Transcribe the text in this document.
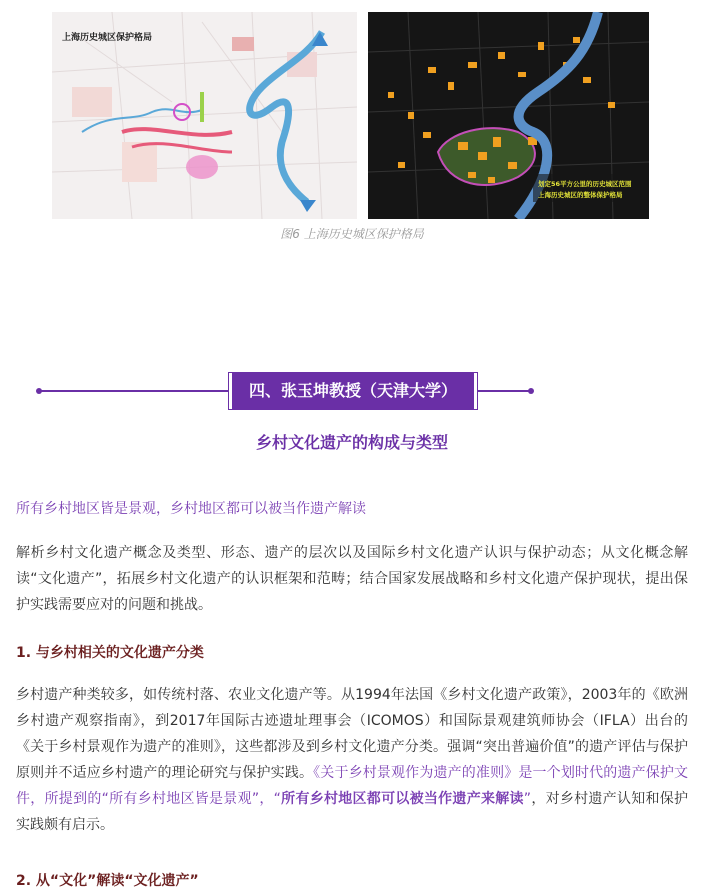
上海历史城区保护格局
划定56平方公里的历史城区范围
上海历史城区的整体保护格局
图6 上海历史城区保护格局
四、张玉坤教授（天津大学）
乡村文化遗产的构成与类型
所有乡村地区皆是景观，乡村地区都可以被当作遗产解读
解析乡村文化遗产概念及类型、形态、遗产的层次以及国际乡村文化遗产认识与保护动态；从文化概念解读“文化遗产”，拓展乡村文化遗产的认识框架和范畴；结合国家发展战略和乡村文化遗产保护现状，提出保护实践需要应对的问题和挑战。
1. 与乡村相关的文化遗产分类
乡村遗产种类较多，如传统村落、农业文化遗产等。从1994年法国《乡村文化遗产政策》，2003年的《欧洲乡村遗产观察指南》，到2017年国际古迹遗址理事会（ICOMOS）和国际景观建筑师协会（IFLA）出台的《关于乡村景观作为遗产的准则》，这些都涉及到乡村文化遗产分类。强调“突出普遍价值”的遗产评估与保护原则并不适应乡村遗产的理论研究与保护实践。《关于乡村景观作为遗产的准则》是一个划时代的遗产保护文件，所提到的“所有乡村地区皆是景观”，“所有乡村地区都可以被当作遗产来解读”，对乡村遗产认知和保护实践颇有启示。
2. 从“文化”解读“文化遗产”
